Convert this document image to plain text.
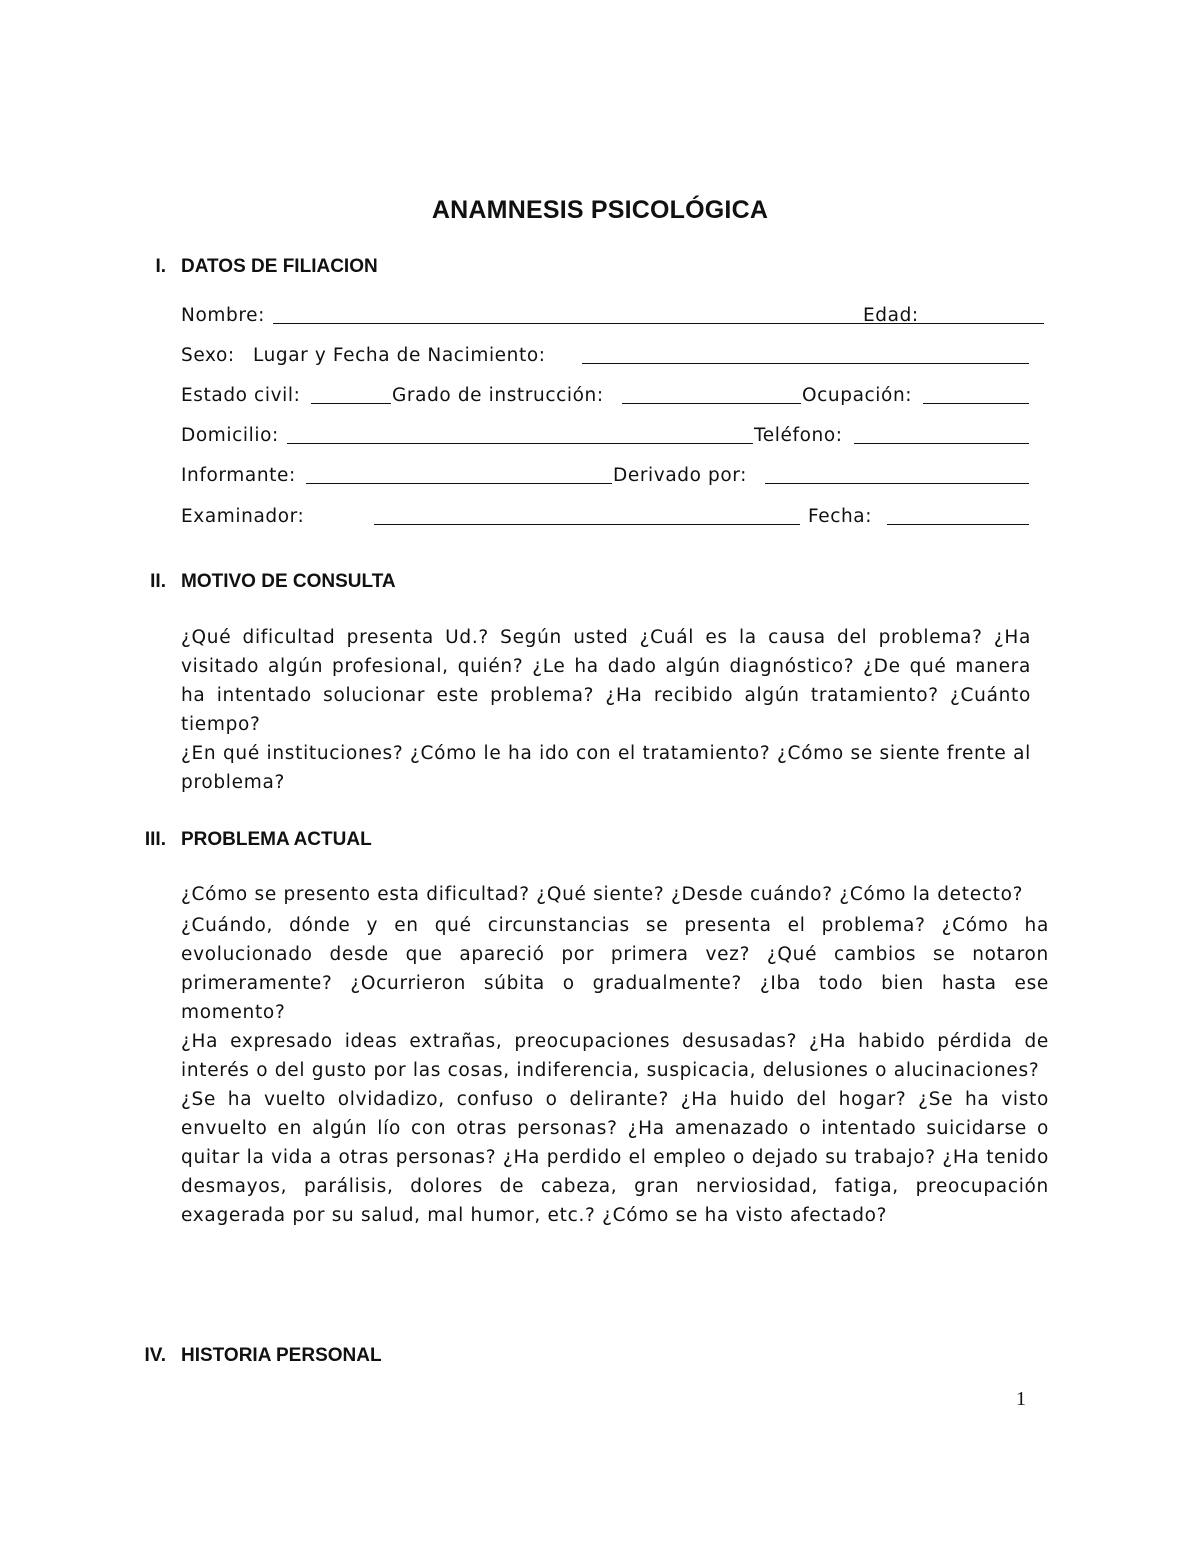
ANAMNESIS PSICOLÓGICA
I. DATOS DE FILIACION
Nombre:	Edad:
Sexo: Lugar y Fecha de Nacimiento:
Estado civil:	Grado de instrucción:	Ocupación:
Domicilio:	Teléfono:
Informante:	Derivado por:
Examinador:	Fecha:
II. MOTIVO DE CONSULTA

¿Qué dificultad presenta Ud.? Según usted ¿Cuál es la causa del problema? ¿Ha visitado algún profesional, quién? ¿Le ha dado algún diagnóstico? ¿De qué manera ha intentado solucionar este problema? ¿Ha recibido algún tratamiento? ¿Cuánto tiempo?

¿En qué instituciones? ¿Cómo le ha ido con el tratamiento? ¿Cómo se siente frente al problema?

III. PROBLEMA ACTUAL

¿Cómo se presento esta dificultad? ¿Qué siente? ¿Desde cuándo? ¿Cómo la detecto?

¿Cuándo, dónde y en qué circunstancias se presenta el problema? ¿Cómo ha evolucionado desde que apareció por primera vez? ¿Qué cambios se notaron primeramente? ¿Ocurrieron súbita o gradualmente? ¿Iba todo bien hasta ese momento?

¿Ha expresado ideas extrañas, preocupaciones desusadas? ¿Ha habido pérdida de interés o del gusto por las cosas, indiferencia, suspicacia, delusiones o alucinaciones?

¿Se ha vuelto olvidadizo, confuso o delirante? ¿Ha huido del hogar? ¿Se ha visto envuelto en algún lío con otras personas? ¿Ha amenazado o intentado suicidarse o quitar la vida a otras personas? ¿Ha perdido el empleo o dejado su trabajo? ¿Ha tenido desmayos, parálisis, dolores de cabeza, gran nerviosidad, fatiga, preocupación exagerada por su salud, mal humor, etc.? ¿Cómo se ha visto afectado?

IV. HISTORIA PERSONAL
1
